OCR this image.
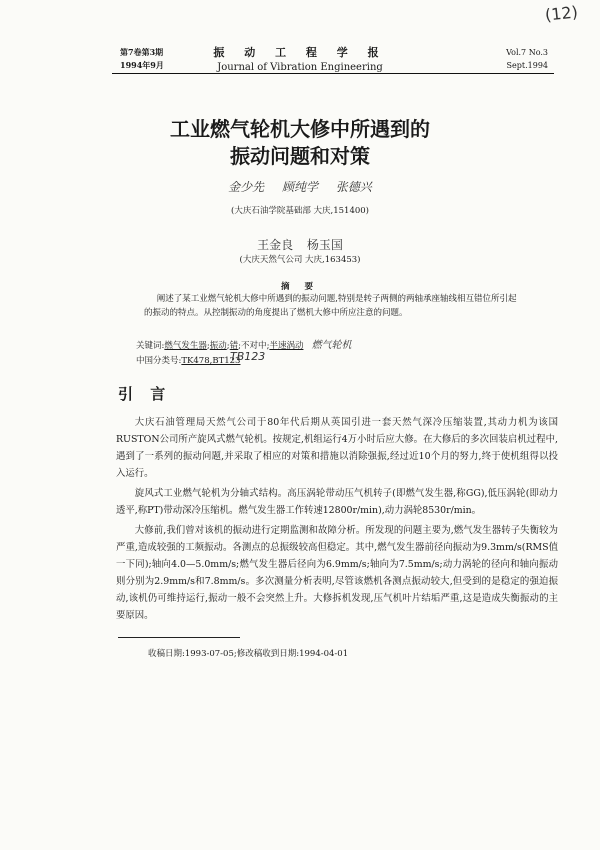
(12)
第7卷第3期
1994年9月
振 动 工 程 学 报
Journal of Vibration Engineering
Vol.7 No.3
Sept.1994
工业燃气轮机大修中所遇到的
振动问题和对策
金少先 顾纯学 张德兴
(大庆石油学院基础部 大庆,151400)
王金良 杨玉国
(大庆天然气公司 大庆,163453)
摘 要
阐述了某工业燃气轮机大修中所遇到的振动问题,特别是转子两侧的两轴承座轴线相互错位所引起的振动的特点。从控制振动的角度提出了燃机大修中所应注意的问题。
关键词:燃气发生器;振动;错;不对中;半速涡动 燃气轮机
中国分类号:TK478,BT123
TB123
引 言

大庆石油管理局天然气公司于80年代后期从英国引进一套天然气深冷压缩装置,其动力机为该国RUSTON公司所产旋风式燃气轮机。按规定,机组运行4万小时后应大修。在大修后的多次回装启机过程中,遇到了一系列的振动问题,并采取了相应的对策和措施以消除强振,经过近10个月的努力,终于使机组得以投入运行。

旋风式工业燃气轮机为分轴式结构。高压涡轮带动压气机转子(即燃气发生器,称GG),低压涡轮(即动力透平,称PT)带动深冷压缩机。燃气发生器工作转速12800r/min),动力涡轮8530r/min。

大修前,我们曾对该机的振动进行定期监测和故障分析。所发现的问题主要为,燃气发生器转子失衡较为严重,造成较强的工频振动。各测点的总振级较高但稳定。其中,燃气发生器前径向振动为9.3mm/s(RMS值一下同);轴向4.0—5.0mm/s;燃气发生器后径向为6.9mm/s;轴向为7.5mm/s;动力涡轮的径向和轴向振动则分别为2.9mm/s和7.8mm/s。多次测量分析表明,尽管该燃机各测点振动较大,但受到的是稳定的强迫振动,该机仍可维持运行,振动一般不会突然上升。大修拆机发现,压气机叶片结垢严重,这是造成失衡振动的主要原因。

收稿日期:1993-07-05;修改稿收到日期:1994-04-01
